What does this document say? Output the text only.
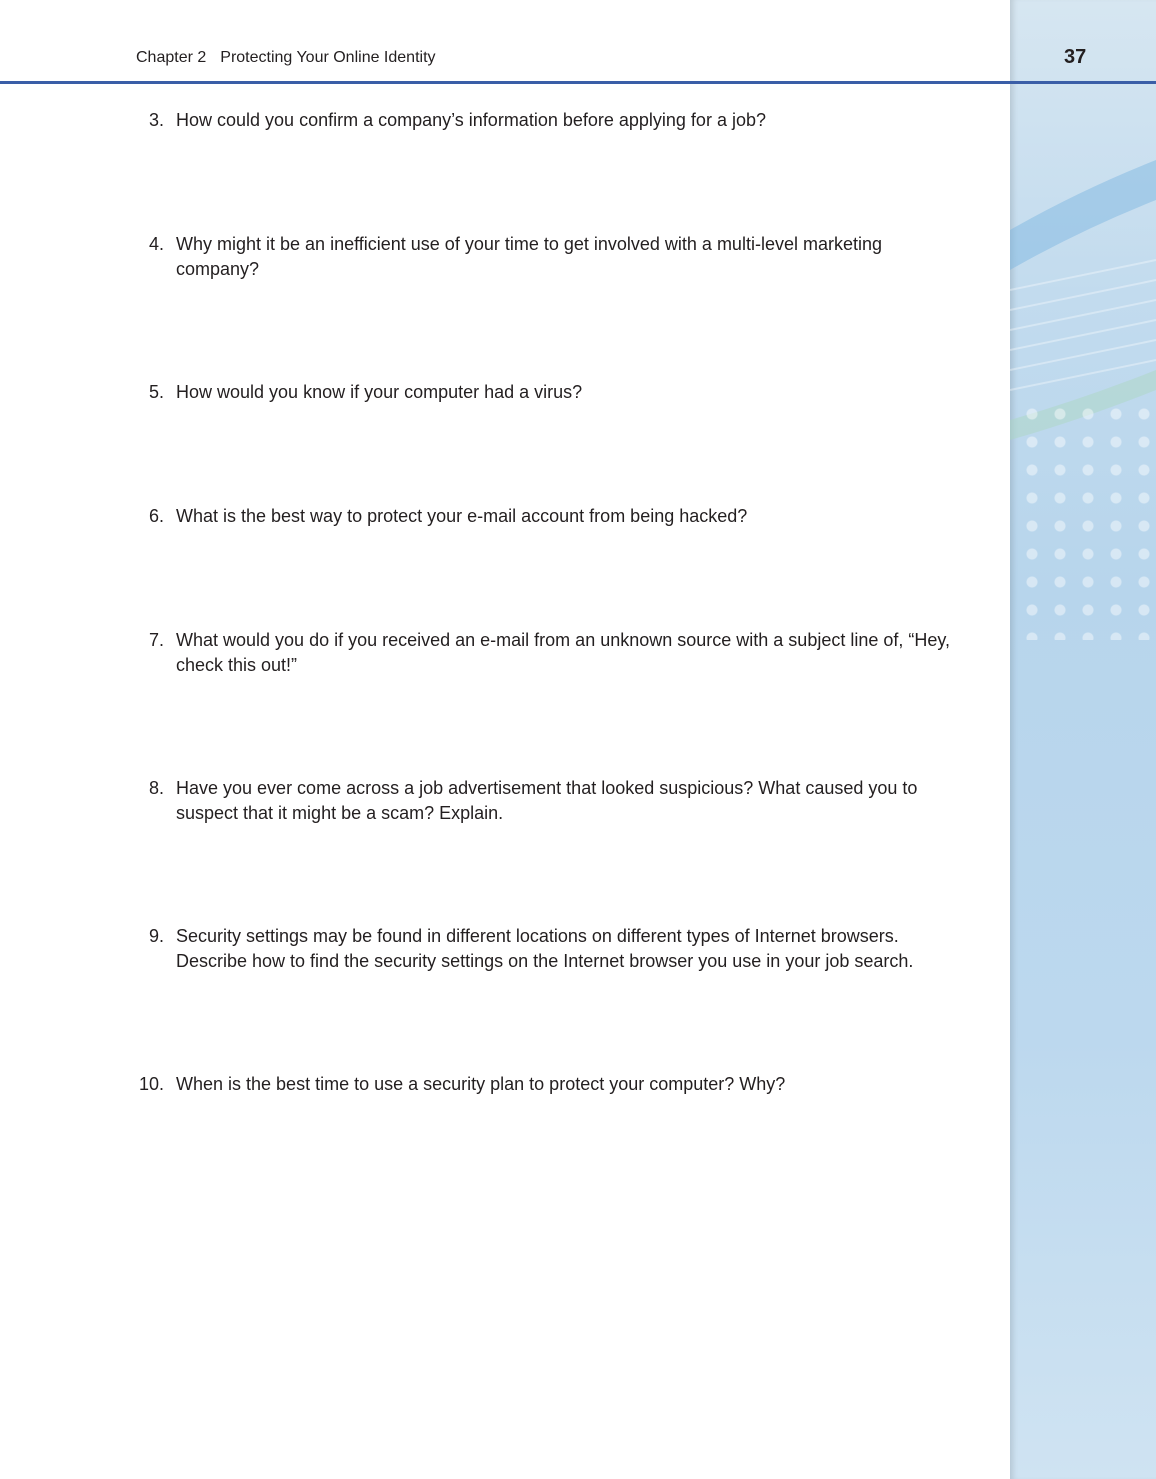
Chapter 2 Protecting Your Online Identity	37
3. How could you confirm a company’s information before applying for a job?
4. Why might it be an inefficient use of your time to get involved with a multi-level marketing company?
5. How would you know if your computer had a virus?
6. What is the best way to protect your e-mail account from being hacked?
7. What would you do if you received an e-mail from an unknown source with a subject line of, “Hey, check this out!”
8. Have you ever come across a job advertisement that looked suspicious? What caused you to suspect that it might be a scam? Explain.
9. Security settings may be found in different locations on different types of Internet browsers. Describe how to find the security settings on the Internet browser you use in your job search.
10. When is the best time to use a security plan to protect your computer? Why?
